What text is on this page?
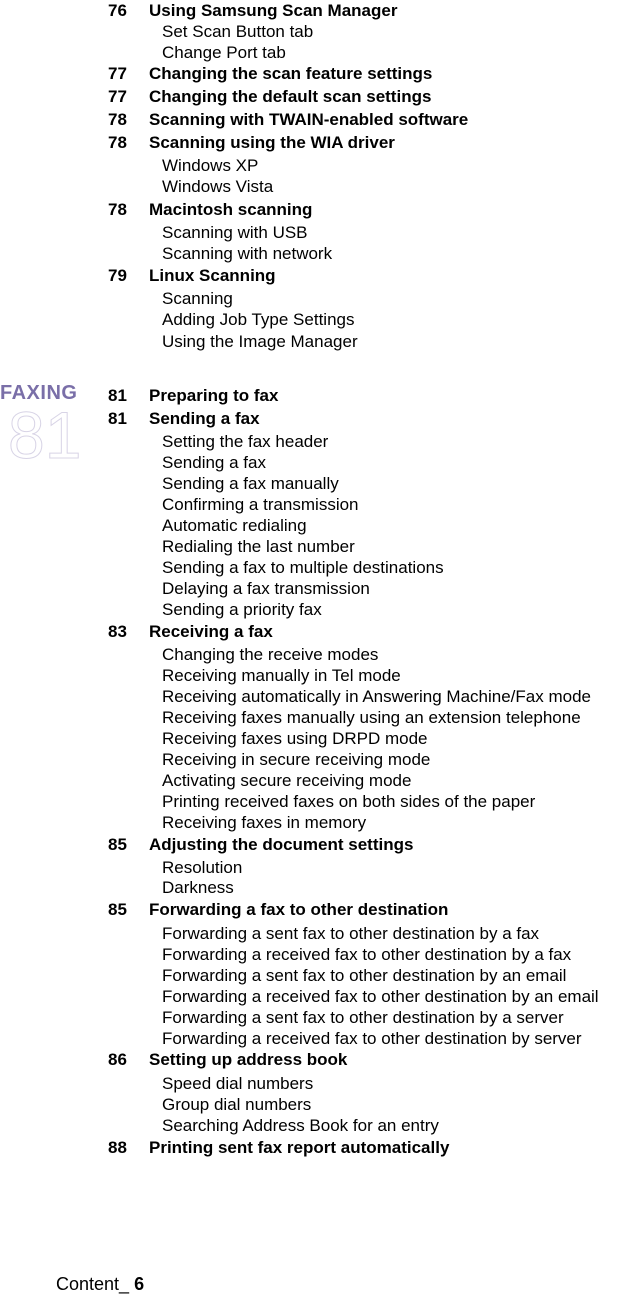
FAXING
81
76 Using Samsung Scan Manager
Set Scan Button tab
Change Port tab
77 Changing the scan feature settings
77 Changing the default scan settings
78 Scanning with TWAIN-enabled software
78 Scanning using the WIA driver
Windows XP
Windows Vista
78 Macintosh scanning
Scanning with USB
Scanning with network
79 Linux Scanning
Scanning
Adding Job Type Settings
Using the Image Manager
81 Preparing to fax
81 Sending a fax
Setting the fax header
Sending a fax
Sending a fax manually
Confirming a transmission
Automatic redialing
Redialing the last number
Sending a fax to multiple destinations
Delaying a fax transmission
Sending a priority fax
83 Receiving a fax
Changing the receive modes
Receiving manually in Tel mode
Receiving automatically in Answering Machine/Fax mode
Receiving faxes manually using an extension telephone
Receiving faxes using DRPD mode
Receiving in secure receiving mode
Activating secure receiving mode
Printing received faxes on both sides of the paper
Receiving faxes in memory
85 Adjusting the document settings
Resolution
Darkness
85 Forwarding a fax to other destination
Forwarding a sent fax to other destination by a fax
Forwarding a received fax to other destination by a fax
Forwarding a sent fax to other destination by an email
Forwarding a received fax to other destination by an email
Forwarding a sent fax to other destination by a server
Forwarding a received fax to other destination by server
86 Setting up address book
Speed dial numbers
Group dial numbers
Searching Address Book for an entry
88 Printing sent fax report automatically
Content_ 6
